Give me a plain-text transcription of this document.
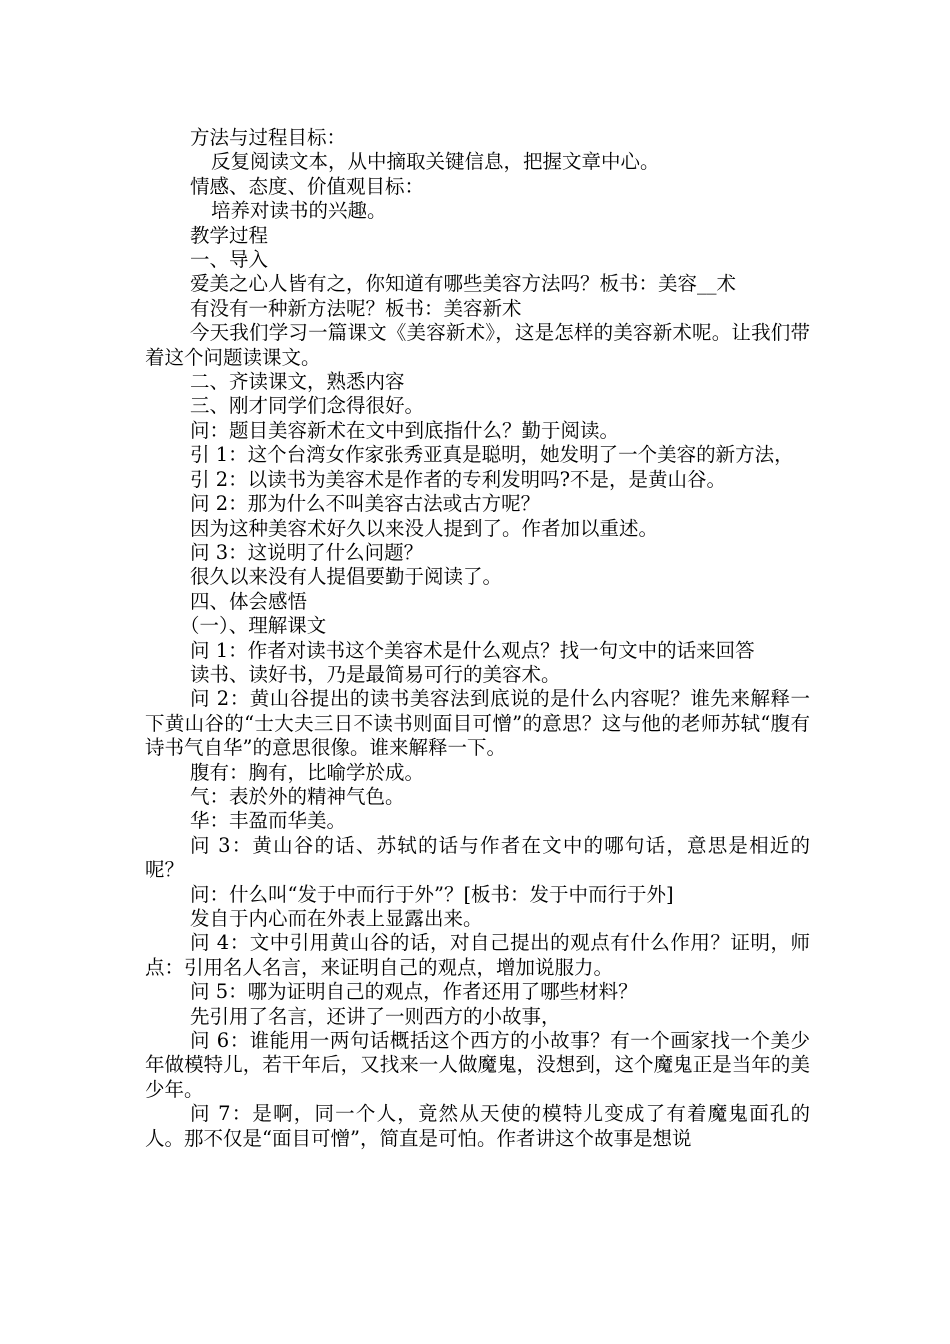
方法与过程目标：

反复阅读文本，从中摘取关键信息，把握文章中心。

情感、态度、价值观目标：

培养对读书的兴趣。

教学过程

一、导入

爱美之心人皆有之，你知道有哪些美容方法吗？板书：美容__术

有没有一种新方法呢？板书：美容新术

今天我们学习一篇课文《美容新术》，这是怎样的美容新术呢。让我们带着这个问题读课文。

二、齐读课文，熟悉内容

三、刚才同学们念得很好。

问：题目美容新术在文中到底指什么？勤于阅读。

引 1：这个台湾女作家张秀亚真是聪明，她发明了一个美容的新方法，

引 2：以读书为美容术是作者的专利发明吗?不是，是黄山谷。

问 2：那为什么不叫美容古法或古方呢？

因为这种美容术好久以来没人提到了。作者加以重述。

问 3：这说明了什么问题？

很久以来没有人提倡要勤于阅读了。

四、体会感悟

（一）、理解课文

问 1：作者对读书这个美容术是什么观点？找一句文中的话来回答

读书、读好书，乃是最简易可行的美容术。

问 2：黄山谷提出的读书美容法到底说的是什么内容呢？谁先来解释一下黄山谷的“士大夫三日不读书则面目可憎”的意思？这与他的老师苏轼“腹有诗书气自华”的意思很像。谁来解释一下。

腹有：胸有，比喻学於成。

气：表於外的精神气色。

华：丰盈而华美。

问 3：黄山谷的话、苏轼的话与作者在文中的哪句话，意思是相近的呢？

问：什么叫“发于中而行于外”？[板书：发于中而行于外]

发自于内心而在外表上显露出来。

问 4：文中引用黄山谷的话，对自己提出的观点有什么作用？证明，师点：引用名人名言，来证明自己的观点，增加说服力。

问 5：哪为证明自己的观点，作者还用了哪些材料？

先引用了名言，还讲了一则西方的小故事，

问 6：谁能用一两句话概括这个西方的小故事？有一个画家找一个美少年做模特儿，若干年后，又找来一人做魔鬼，没想到，这个魔鬼正是当年的美少年。

问 7：是啊，同一个人，竟然从天使的模特儿变成了有着魔鬼面孔的人。那不仅是“面目可憎”，简直是可怕。作者讲这个故事是想说
